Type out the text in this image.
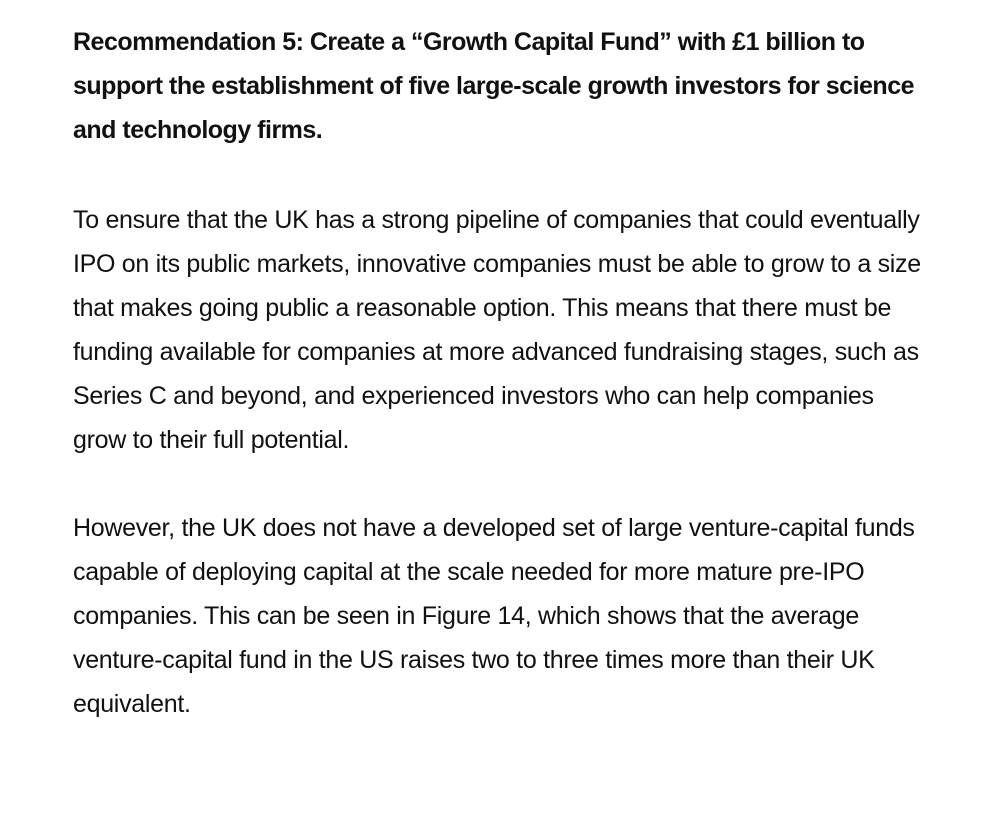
Recommendation 5: Create a “Growth Capital Fund” with £1 billion to support the establishment of five large-scale growth investors for science and technology firms.

To ensure that the UK has a strong pipeline of companies that could eventually IPO on its public markets, innovative companies must be able to grow to a size that makes going public a reasonable option. This means that there must be funding available for companies at more advanced fundraising stages, such as Series C and beyond, and experienced investors who can help companies grow to their full potential.

However, the UK does not have a developed set of large venture-capital funds capable of deploying capital at the scale needed for more mature pre-IPO companies. This can be seen in Figure 14, which shows that the average venture-capital fund in the US raises two to three times more than their UK equivalent.
